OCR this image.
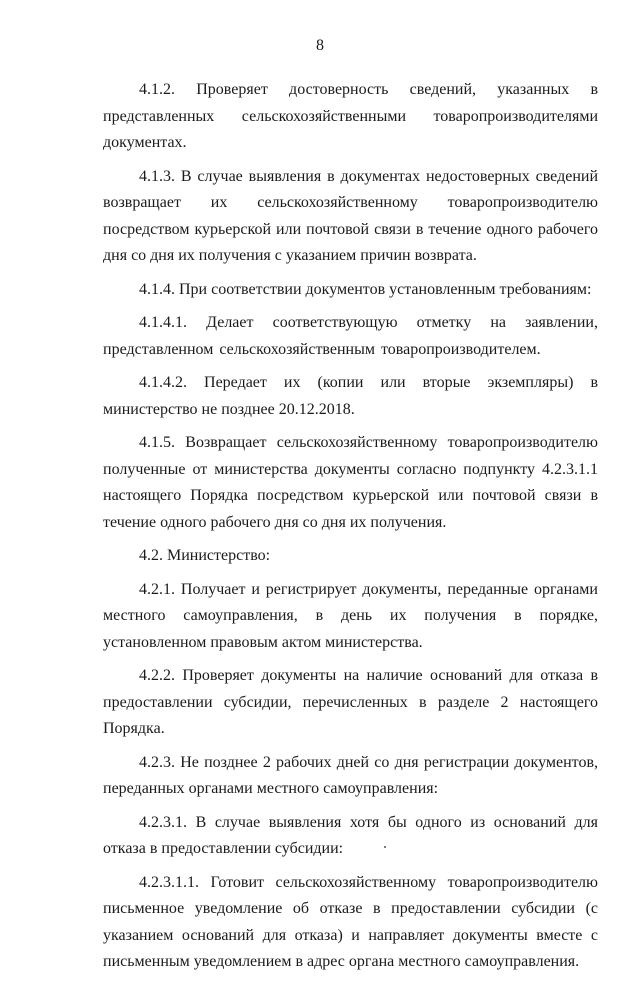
8

4.1.2. Проверяет достоверность сведений, указанных в представленных сельскохозяйственными товаропроизводителями документах.

4.1.3. В случае выявления в документах недостоверных сведений возвращает их сельскохозяйственному товаропроизводителю посредством курьерской или почтовой связи в течение одного рабочего дня со дня их получения с указанием причин возврата.

4.1.4. При соответствии документов установленным требованиям:

4.1.4.1. Делает соответствующую отметку на заявлении, представленном сельскохозяйственным товаропроизводителем.

4.1.4.2. Передает их (копии или вторые экземпляры) в министерство не позднее 20.12.2018.

4.1.5. Возвращает сельскохозяйственному товаропроизводителю полученные от министерства документы согласно подпункту 4.2.3.1.1 настоящего Порядка посредством курьерской или почтовой связи в течение одного рабочего дня со дня их получения.

4.2. Министерство:

4.2.1. Получает и регистрирует документы, переданные органами местного самоуправления, в день их получения в порядке, установленном правовым актом министерства.

4.2.2. Проверяет документы на наличие оснований для отказа в предоставлении субсидии, перечисленных в разделе 2 настоящего Порядка.

4.2.3. Не позднее 2 рабочих дней со дня регистрации документов, переданных органами местного самоуправления:

4.2.3.1. В случае выявления хотя бы одного из оснований для отказа в предоставлении субсидии:

4.2.3.1.1. Готовит сельскохозяйственному товаропроизводителю письменное уведомление об отказе в предоставлении субсидии (с указанием оснований для отказа) и направляет документы вместе с письменным уведомлением в адрес органа местного самоуправления.
